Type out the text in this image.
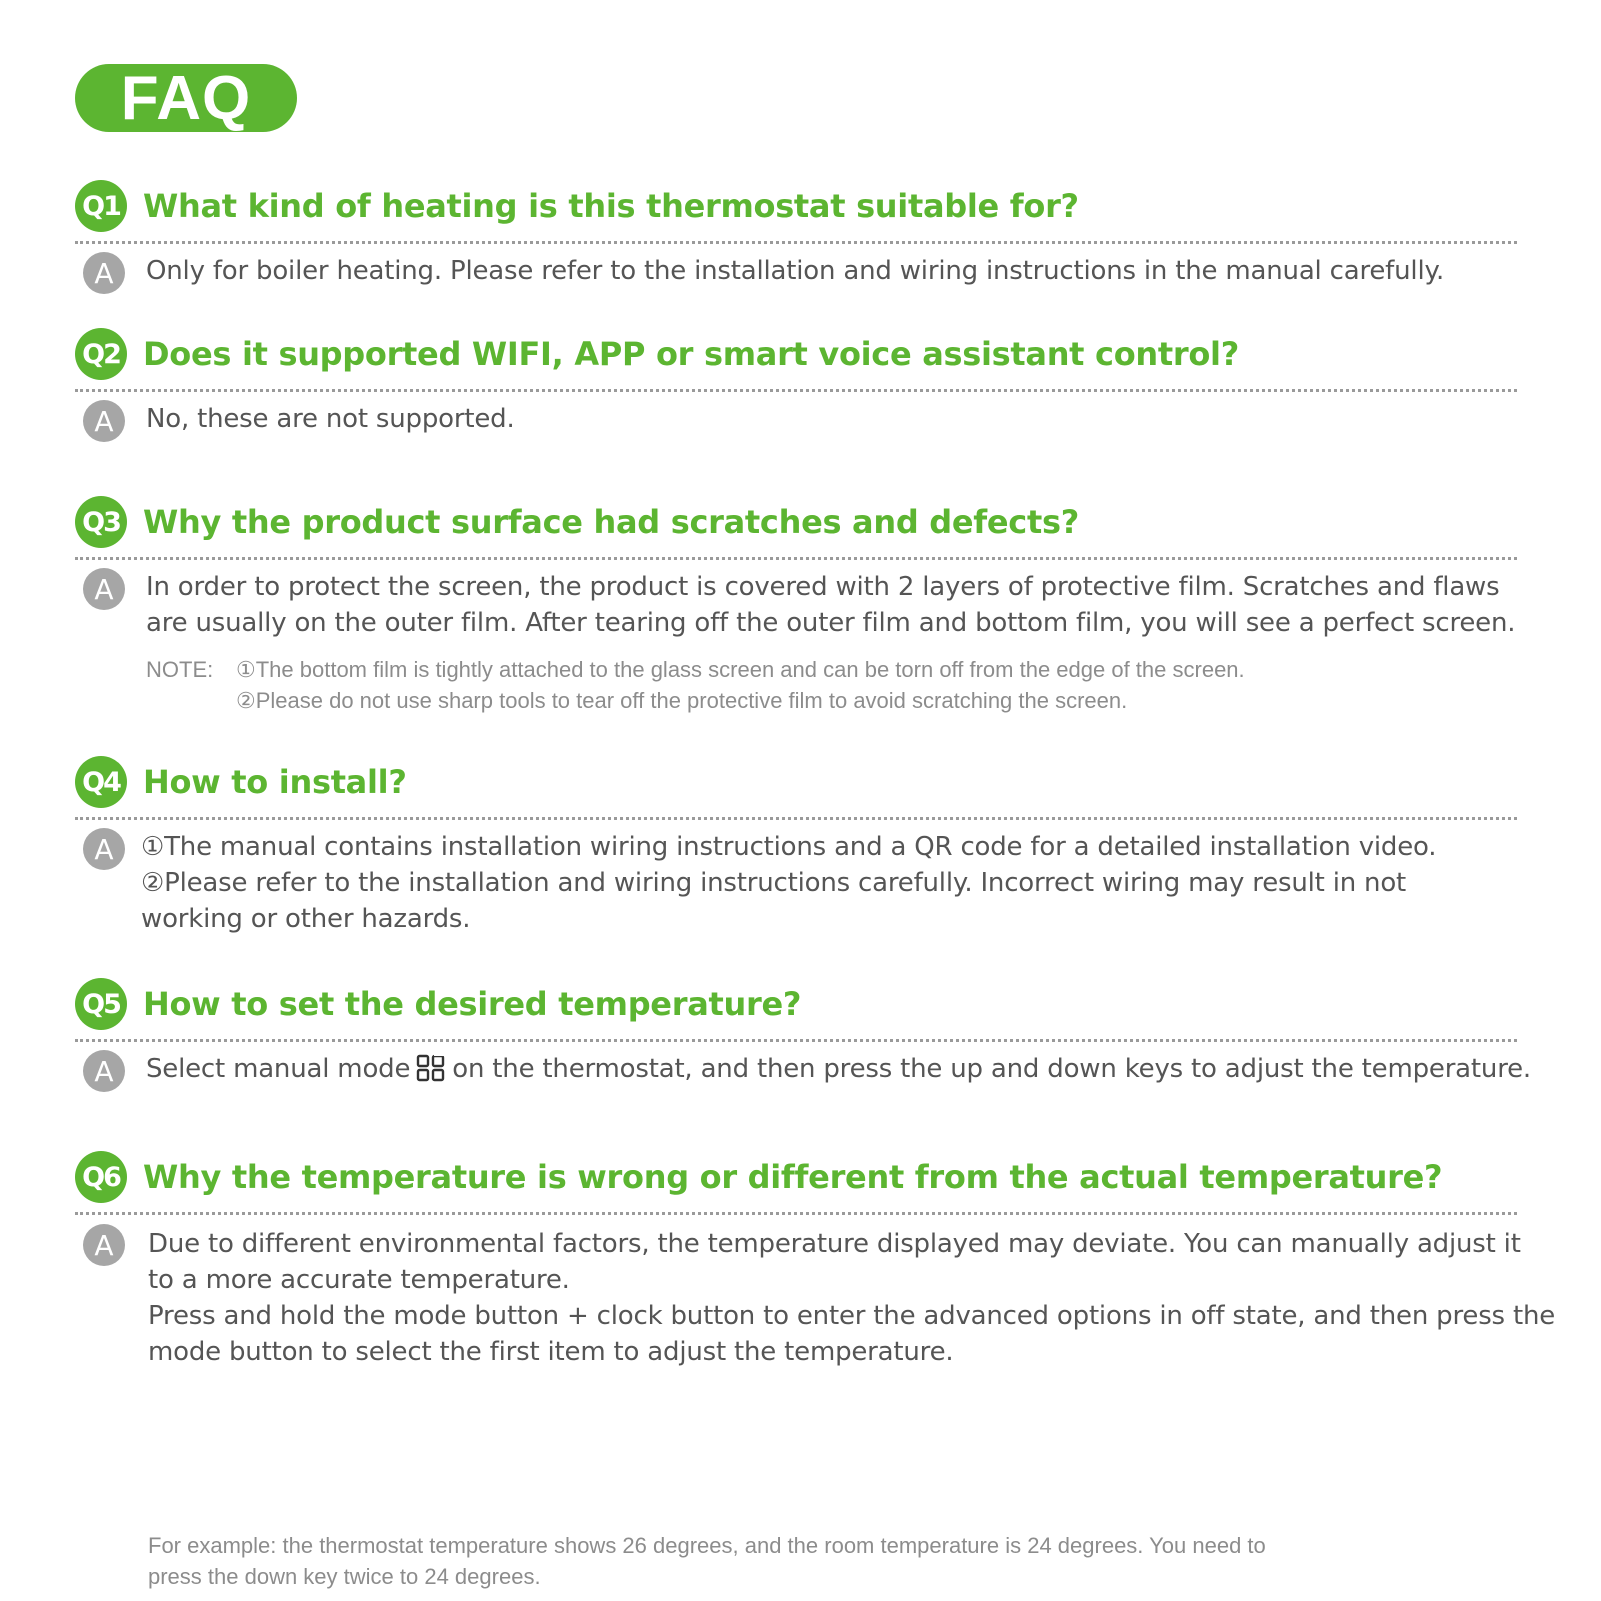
FAQ
Q1 What kind of heating is this thermostat suitable for?
A	Only for boiler heating. Please refer to the installation and wiring instructions in the manual carefully.
Q2 Does it supported WIFI, APP or smart voice assistant control?
A	No, these are not supported.
Q3 Why the product surface had scratches and defects?
A	In order to protect the screen, the product is covered with 2 layers of protective film. Scratches and flaws
are usually on the outer film. After tearing off the outer film and bottom film, you will see a perfect screen.
NOTE: ①The bottom film is tightly attached to the glass screen and can be torn off from the edge of the screen.
②Please do not use sharp tools to tear off the protective film to avoid scratching the screen.
Q4 How to install?
A	①The manual contains installation wiring instructions and a QR code for a detailed installation video.
②Please refer to the installation and wiring instructions carefully. Incorrect wiring may result in not
working or other hazards.
Q5 How to set the desired temperature?
A	Select manual mode on the thermostat, and then press the up and down keys to adjust the temperature.
Q6 Why the temperature is wrong or different from the actual temperature?
A	Due to different environmental factors, the temperature displayed may deviate. You can manually adjust it
to a more accurate temperature.
Press and hold the mode button + clock button to enter the advanced options in off state, and then press the
mode button to select the first item to adjust the temperature.
For example: the thermostat temperature shows 26 degrees, and the room temperature is 24 degrees. You need to
press the down key twice to 24 degrees.
